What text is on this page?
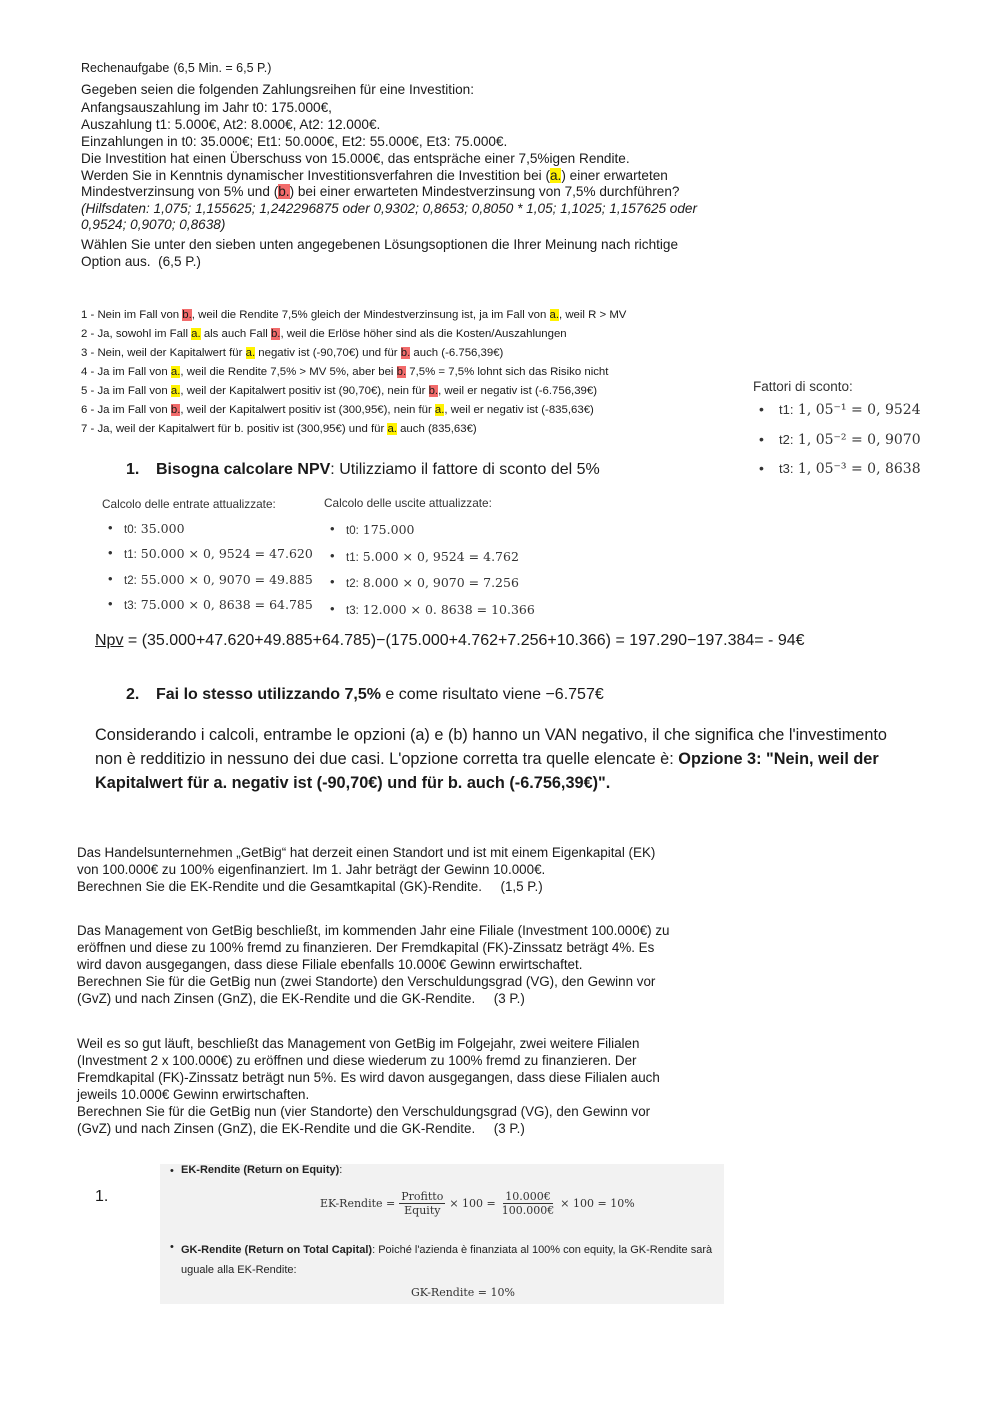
Rechenaufgabe (6,5 Min. = 6,5 P.)

Gegeben seien die folgenden Zahlungsreihen für eine Investition:

Anfangsauszahlung im Jahr t0: 175.000€,

Auszahlung t1: 5.000€, At2: 8.000€, At2: 12.000€.

Einzahlungen in t0: 35.000€; Et1: 50.000€, Et2: 55.000€, Et3: 75.000€.

Die Investition hat einen Überschuss von 15.000€, das entspräche einer 7,5%igen Rendite.

Werden Sie in Kenntnis dynamischer Investitionsverfahren die Investition bei (a.) einer erwarteten Mindestverzinsung von 5% und (b.) bei einer erwarteten Mindestverzinsung von 7,5% durchführen?

(Hilfsdaten: 1,075; 1,155625; 1,242296875 oder 0,9302; 0,8653; 0,8050 * 1,05; 1,1025; 1,157625 oder 0,9524; 0,9070; 0,8638)

Wählen Sie unter den sieben unten angegebenen Lösungsoptionen die Ihrer Meinung nach richtige Option aus. (6,5 P.)

1 - Nein im Fall von b., weil die Rendite 7,5% gleich der Mindestverzinsung ist, ja im Fall von a., weil R > MV
2 - Ja, sowohl im Fall a. als auch Fall b., weil die Erlöse höher sind als die Kosten/Auszahlungen
3 - Nein, weil der Kapitalwert für a. negativ ist (-90,70€) und für b. auch (-6.756,39€)
4 - Ja im Fall von a., weil die Rendite 7,5% > MV 5%, aber bei b. 7,5% = 7,5% lohnt sich das Risiko nicht
5 - Ja im Fall von a., weil der Kapitalwert positiv ist (90,70€), nein für b., weil er negativ ist (-6.756,39€)
6 - Ja im Fall von b., weil der Kapitalwert positiv ist (300,95€), nein für a., weil er negativ ist (-835,63€)
7 - Ja, weil der Kapitalwert für b. positiv ist (300,95€) und für a. auch (835,63€)
Fattori di sconto:
• t1: 1, 05⁻¹ = 0, 9524
• t2: 1, 05⁻² = 0, 9070
• t3: 1, 05⁻³ = 0, 8638
1. Bisogna calcolare NPV: Utilizziamo il fattore di sconto del 5%
Calcolo delle entrate attualizzate:
• t0: 35.000
• t1: 50.000 × 0, 9524 = 47.620
• t2: 55.000 × 0, 9070 = 49.885
• t3: 75.000 × 0, 8638 = 64.785
Calcolo delle uscite attualizzate:
• t0: 175.000
• t1: 5.000 × 0, 9524 = 4.762
• t2: 8.000 × 0, 9070 = 7.256
• t3: 12.000 × 0. 8638 = 10.366
Npv = (35.000+47.620+49.885+64.785)−(175.000+4.762+7.256+10.366) = 197.290−197.384= - 94€
2. Fai lo stesso utilizzando 7,5% e come risultato viene −6.757€
Considerando i calcoli, entrambe le opzioni (a) e (b) hanno un VAN negativo, il che significa che l'investimento non è redditizio in nessuno dei due casi. L'opzione corretta tra quelle elencate è: Opzione 3: "Nein, weil der Kapitalwert für a. negativ ist (-90,70€) und für b. auch (-6.756,39€)".

Das Handelsunternehmen „GetBig“ hat derzeit einen Standort und ist mit einem Eigenkapital (EK)

von 100.000€ zu 100% eigenfinanziert. Im 1. Jahr beträgt der Gewinn 10.000€.

Berechnen Sie die EK-Rendite und die Gesamtkapital (GK)-Rendite.     (1,5 P.)

Das Management von GetBig beschließt, im kommenden Jahr eine Filiale (Investment 100.000€) zu

eröffnen und diese zu 100% fremd zu finanzieren. Der Fremdkapital (FK)-Zinssatz beträgt 4%. Es

wird davon ausgegangen, dass diese Filiale ebenfalls 10.000€ Gewinn erwirtschaftet.

Berechnen Sie für die GetBig nun (zwei Standorte) den Verschuldungsgrad (VG), den Gewinn vor

(GvZ) und nach Zinsen (GnZ), die EK-Rendite und die GK-Rendite.     (3 P.)

Weil es so gut läuft, beschließt das Management von GetBig im Folgejahr, zwei weitere Filialen

(Investment 2 x 100.000€) zu eröffnen und diese wiederum zu 100% fremd zu finanzieren. Der

Fremdkapital (FK)-Zinssatz beträgt nun 5%. Es wird davon ausgegangen, dass diese Filialen auch

jeweils 10.000€ Gewinn erwirtschaften.

Berechnen Sie für die GetBig nun (vier Standorte) den Verschuldungsgrad (VG), den Gewinn vor

(GvZ) und nach Zinsen (GnZ), die EK-Rendite und die GK-Rendite.     (3 P.)

1.
• EK-Rendite (Return on Equity):
EK-Rendite = $\frac{\text{Profitto}}{\text{Equity}} \times 100 = \frac{10.000€}{100.000€} \times 100 = 10\%$
• GK-Rendite (Return on Total Capital): Poiché l'azienda è finanziata al 100% con equity, la GK-Rendite sarà
uguale alla EK-Rendite:
GK-Rendite = 10%
